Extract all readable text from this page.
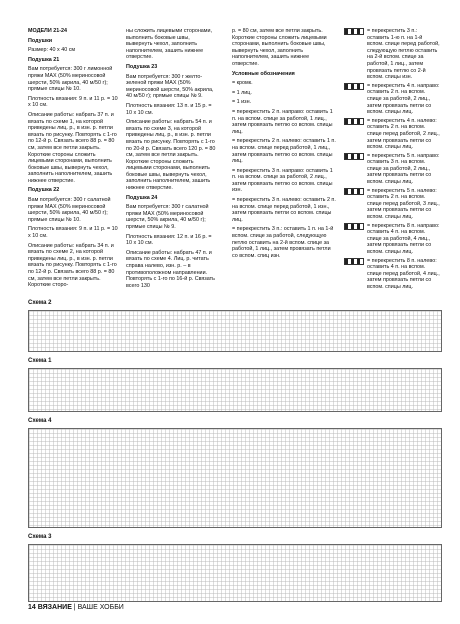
МОДЕЛИ 21-24

Подушки

Размер: 40 х 40 см

Подушка 21

Вам потребуется: 300 г лимонной пряжи MAX (50% мериносовой шерсти, 50% акрила, 40 м/50 г); прямые спицы № 10.

Плотность вязания: 9 п. и 11 р. = 10 х 10 см.

Описание работы: набрать 37 п. и вязать по схеме 1, на которой приведены лиц. р., в изн. р. петли вязать по рисунку. Повторять с 1-го по 12-й р. Связать всего 88 р. = 80 см, затем все петли закрыть. Короткие стороны сложить лицевыми сторонами, выполнить боковые швы, вывернуть чехол, заполнить наполнителем, зашить нижнее отверстие.

Подушка 22

Вам потребуется: 300 г салатной пряжи MAX (50% мериносовой шерсти, 50% акрила, 40 м/50 г); прямые спицы № 10.

Плотность вязания: 9 п. и 11 р. = 10 х 10 см.

Описание работы: набрать 34 п. и вязать по схеме 2, на которой приведены лиц. р., в изн. р. петли вязать по рисунку. Повторять с 1-го по 12-й р. Связать всего 88 р. = 80 см, затем все петли закрыть. Короткие сторо-

ны сложить лицевыми сторонами, выполнить боковые швы, вывернуть чехол, заполнить наполнителем, зашить нижнее отверстие.

Подушка 23

Вам потребуется: 300 г желто-зеленой пряжи MAX (50% мериносовой шерсти, 50% акрила, 40 м/50 г); прямые спицы № 9.

Плотность вязания: 13 п. и 15 р. = 10 х 10 см.

Описание работы: набрать 54 п. и вязать по схеме 3, на которой приведены лиц. р., в изн. р. петли вязать по рисунку. Повторять с 1-го по 20-й р. Связать всего 120 р. = 80 см, затем все петли закрыть. Короткие стороны сложить лицевыми сторонами, выполнить боковые швы, вывернуть чехол, заполнить наполнителем, зашить нижнее отверстие.

Подушка 24

Вам потребуется: 300 г салатной пряжи MAX (50% мериносовой шерсти, 50% акрила, 40 м/50 г); прямые спицы № 9.

Плотность вязания: 12 п. и 16 р. = 10 х 10 см.

Описание работы: набрать 47 п. и вязать по схеме 4. Лиц. р. читать справа налево, изн. р. – в противоположном направлении. Повторять с 1-го по 16-й р. Связать всего 130

р. = 80 см, затем все петли закрыть. Короткие стороны сложить лицевыми сторонами, выполнить боковые швы, вывернуть чехол, заполнить наполнителем, зашить нижнее отверстие.

Условные обозначения

= кромк.

= 1 лиц.

= 1 изн.

= перекрестить 2 п. направо: оставить 1 п. на вспом. спице за работой, 1 лиц., затем провязать петлю со вспом. спицы лиц.

= перекрестить 2 п. налево: оставить 1 п. на вспом. спице перед работой, 1 лиц., затем провязать петлю со вспом. спицы лиц.

= перекрестить 3 п. направо: оставить 1 п. на вспом. спице за работой, 2 лиц., затем провязать петлю со вспом. спицы изн.

= перекрестить 3 п. налево: оставить 2 п. на вспом. спице перед работой, 1 изн., затем провязать петли со вспом. спицы лиц.

= перекрестить 3 п.: оставить 1 п. на 1-й вспом. спице за работой, следующую петлю оставить на 2-й вспом. спице за работой, 1 лиц., затем провязать петли со вспом. спиц изн.

= перекрестить 3 п.: оставить 1-ю п. на 1-й вспом. спице перед работой, следующую петлю оставить на 2-й вспом. спице за работой, 1 лиц., затем провязать петлю со 2-й вспом. спицы изн.
= перекрестить 4 п. направо: оставить 2 п. на вспом. спице за работой, 2 лиц., затем провязать петли со вспом. спицы лиц.
= перекрестить 4 п. налево: оставить 2 п. на вспом. спице перед работой, 2 лиц., затем провязать петли со вспом. спицы лиц.
= перекрестить 5 п. направо: оставить 3 п. на вспом. спице за работой, 2 лиц., затем провязать петли со вспом. спицы лиц.
= перекрестить 5 п. налево: оставить 2 п. на вспом. спице перед работой, 3 лиц., затем провязать петли со вспом. спицы лиц.
= перекрестить 8 п. направо: оставить 4 п. на вспом. спице за работой, 4 лиц., затем провязать петли со вспом. спицы лиц.
= перекрестить 8 п. налево: оставить 4 п. на вспом. спице перед работой, 4 лиц., затем провязать петли со вспом. спицы лиц.
Схема 2
Схема 1
Схема 4
Схема 3
14 ВЯЗАНИЕ | ВАШЕ ХОББИ
